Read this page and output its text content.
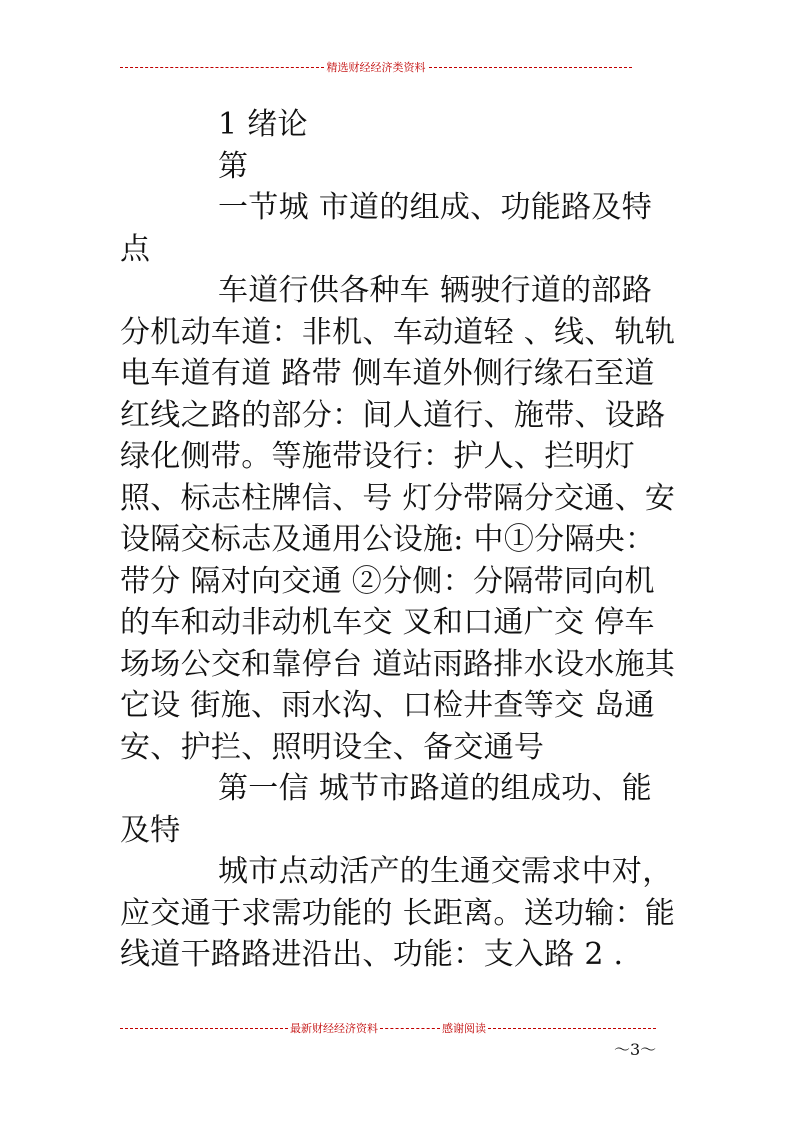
精选财经经济类资料

1 绪论

第

一节城 市道的组成、功能路及特点

车道行供各种车 辆驶行道的部路分机动车道：非机、车动道轻 、线、轨轨电车道有道 路带 侧车道外侧行缘石至道红线之路的部分：间人道行、施带、设路 绿化侧带。等施带设行：护人、拦明灯照、标志柱牌信、号 灯分带隔分交通、安设隔交标志及通用公设施: 中①分隔央：带分 隔对向交通 ②分侧：分隔带同向机的车和动非动机车交 叉和口通广交 停车场场公交和靠停台 道站雨路排水设水施其 它设 街施、雨水沟、口检井查等交 岛通安、护拦、照明设全、备交通号

第一信 城节市路道的组成功、能及特

城市点动活产的生通交需求中对，应交通于求需功能的 长距离。送功输：能线道干路路进沿出、功能：支入路 2 .

最新财经经济资料	感谢阅读
～3～
